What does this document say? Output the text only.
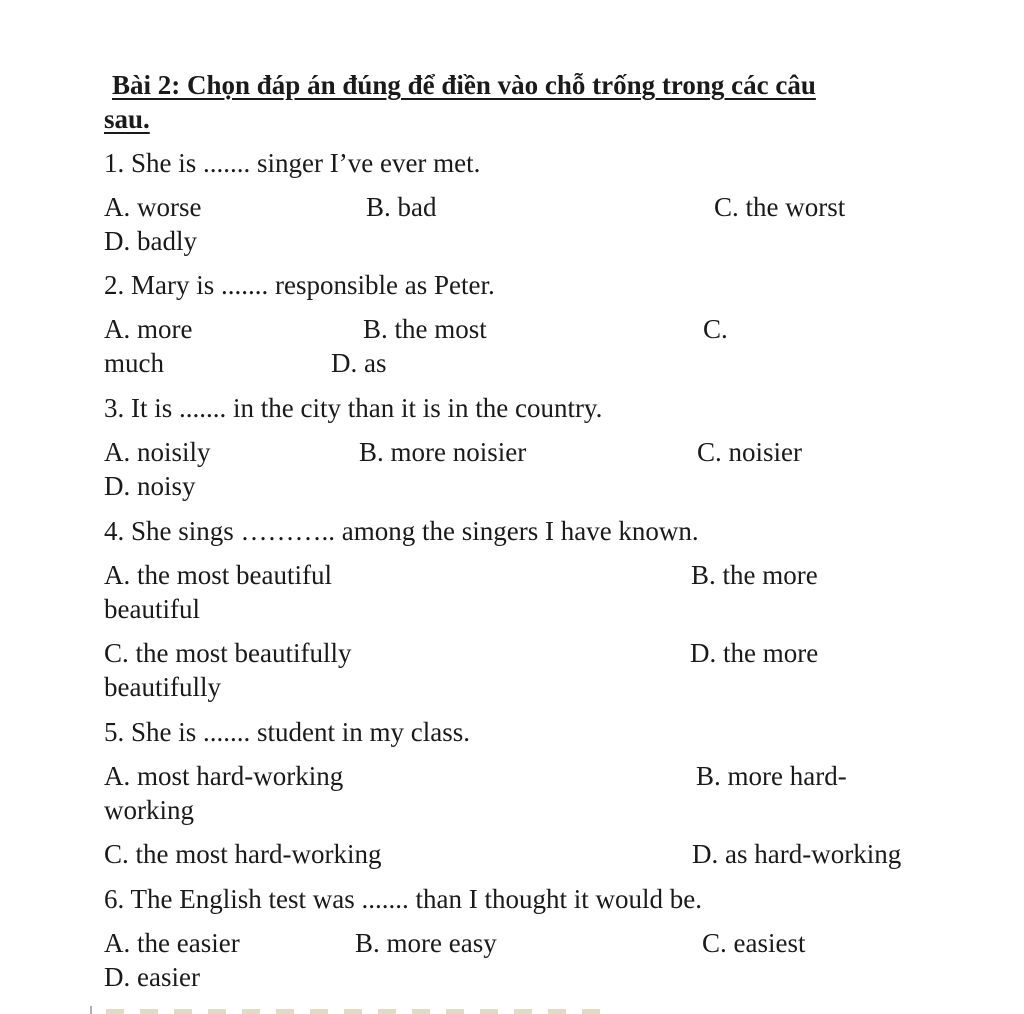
Bài 2: Chọn đáp án đúng để điền vào chỗ trống trong các câu
sau.
1. She is ....... singer I’ve ever met.
A. worse	B. bad	C. the worst
D. badly
2. Mary is ....... responsible as Peter.
A. more	B. the most	C.
much	D. as
3. It is ....... in the city than it is in the country.
A. noisily	B. more noisier	C. noisier
D. noisy
4. She sings ……….. among the singers I have known.
A. the most beautiful	B. the more
beautiful
C. the most beautifully	D. the more
beautifully
5. She is ....... student in my class.
A. most hard-working	B. more hard-
working
C. the most hard-working	D. as hard-working
6. The English test was ....... than I thought it would be.
A. the easier	B. more easy	C. easiest
D. easier
